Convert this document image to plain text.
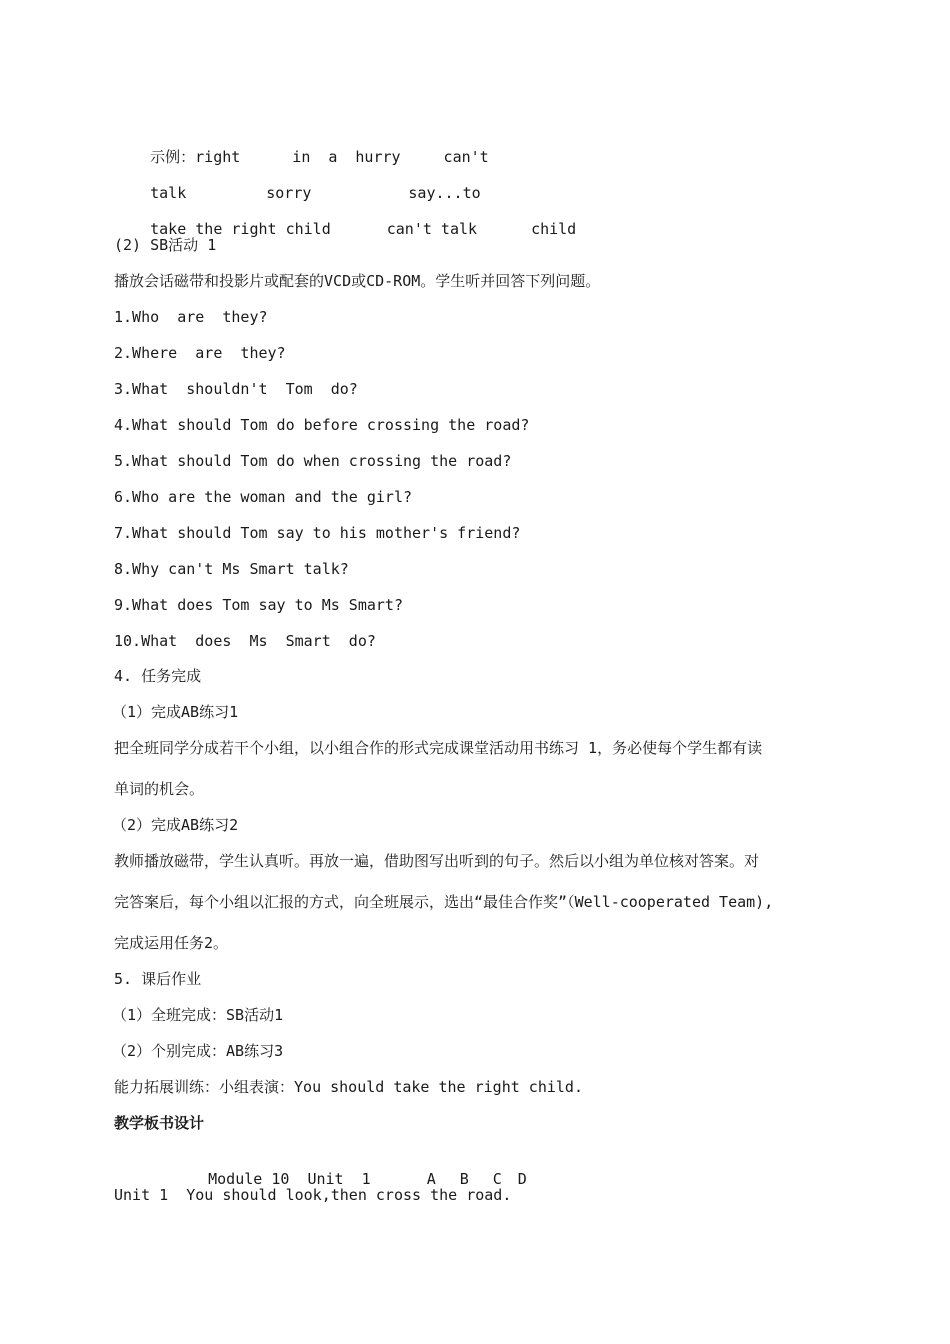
示例：right	in a hurry	can't

talk	sorry	say...to

take the right child	can't talk	child

(2) SB活动 1
播放会话磁带和投影片或配套的VCD或CD-ROM。学生听并回答下列问题。
1.Who  are  they?
2.Where  are  they?
3.What  shouldn't  Tom  do?
4.What should Tom do before crossing the road?
5.What should Tom do when crossing the road?
6.Who are the woman and the girl?
7.What should Tom say to his mother's friend?
8.Why can't Ms Smart talk?
9.What does Tom say to Ms Smart?
10.What  does  Ms  Smart  do?
4. 任务完成
（1）完成AB练习1
把全班同学分成若干个小组，以小组合作的形式完成课堂活动用书练习 1，务必使每个学生都有读
单词的机会。
（2）完成AB练习2
教师播放磁带，学生认真听。再放一遍，借助图写出听到的句子。然后以小组为单位核对答案。对
完答案后，每个小组以汇报的方式，向全班展示，选出“最佳合作奖”（Well-cooperated Team),
完成运用任务2。
5. 课后作业
（1）全班完成：SB活动1
（2）个别完成：AB练习3
能力拓展训练：小组表演：You should take the right child.
教学板书设计

Module 10  Unit  1	A B C D

Unit 1  You should look,then cross the road.
